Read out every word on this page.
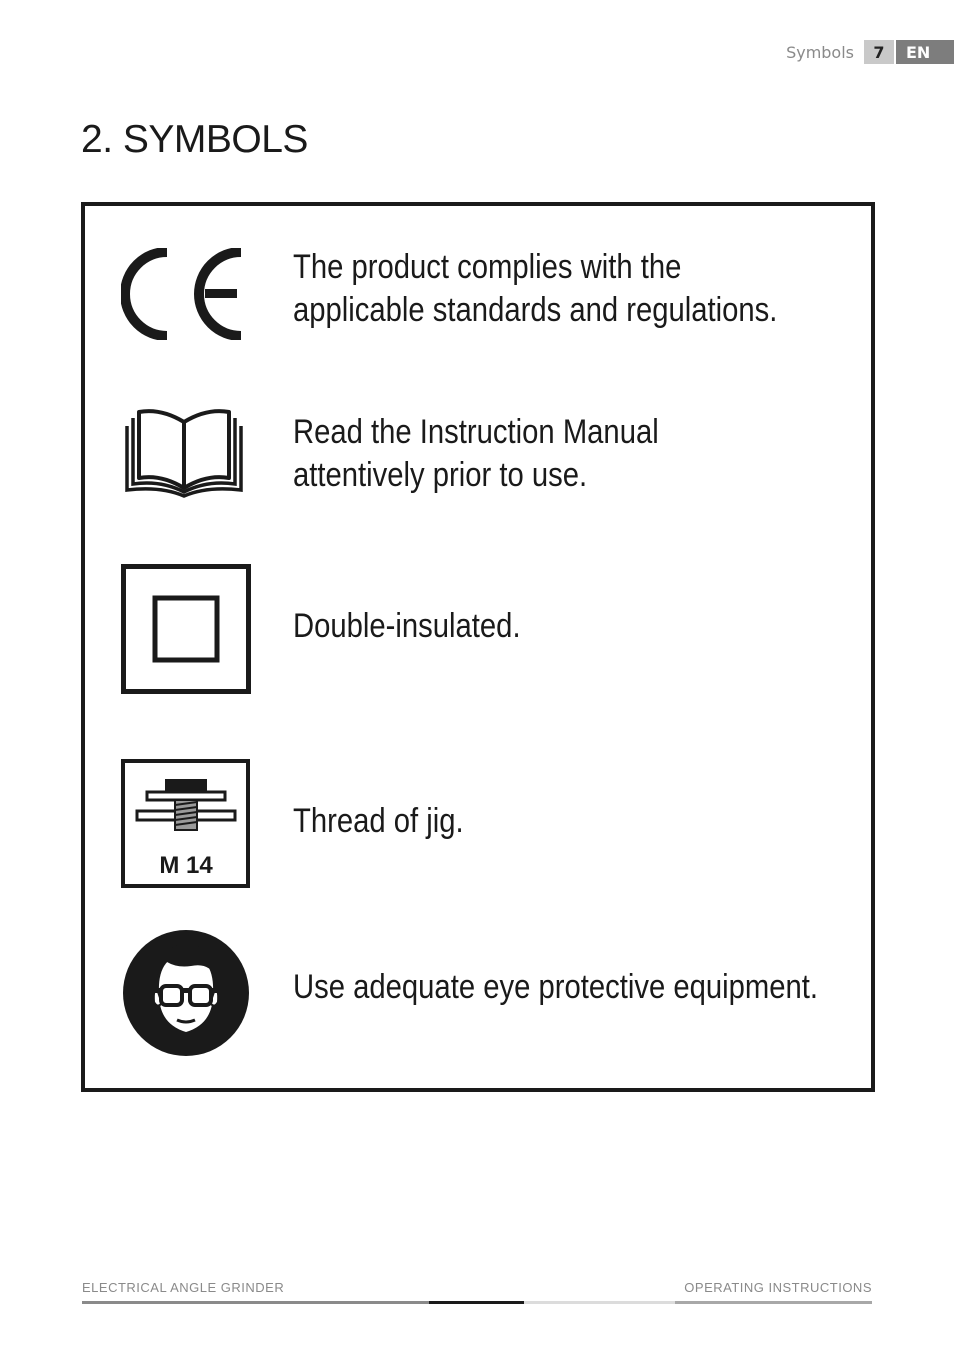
Symbols	7	EN
2. SYMBOLS
The product complies with the
applicable standards and regulations.
Read the Instruction Manual
attentively prior to use.
Double-insulated.
M 14
Thread of jig.
Use adequate eye protective equipment.
ELECTRICAL ANGLE GRINDER	OPERATING INSTRUCTIONS
